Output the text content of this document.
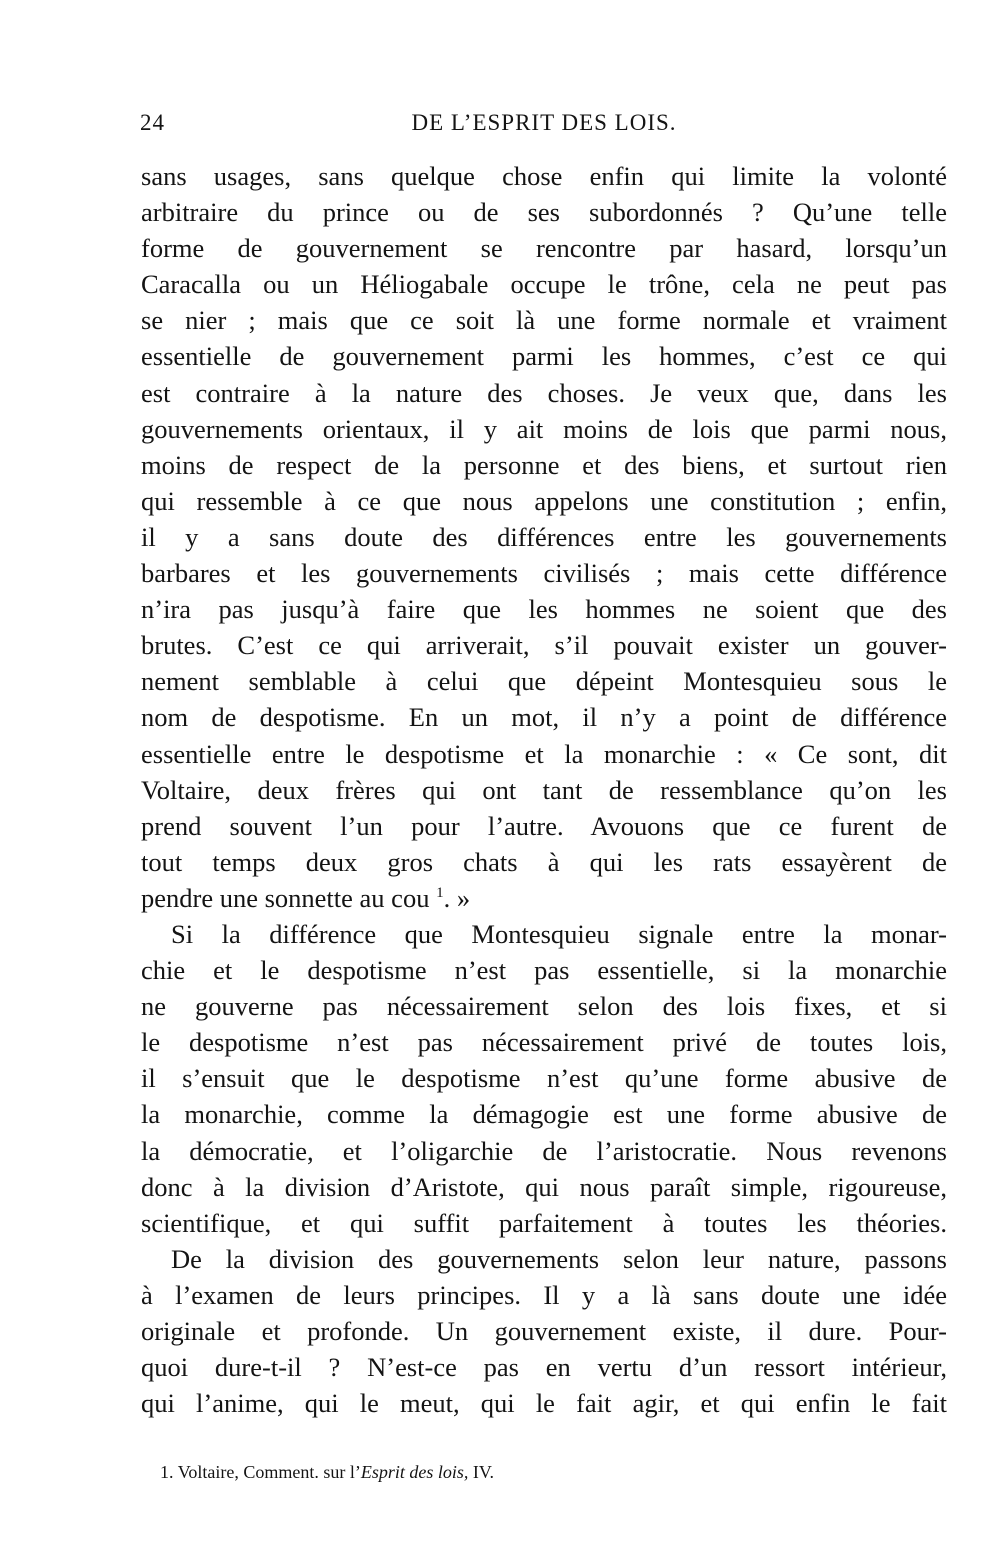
24	DE L’ESPRIT DES LOIS.
sans usages, sans quelque chose enfin qui limite la volonté
arbitraire du prince ou de ses subordonnés ? Qu’une telle
forme de gouvernement se rencontre par hasard, lorsqu’un
Caracalla ou un Héliogabale occupe le trône, cela ne peut pas
se nier ; mais que ce soit là une forme normale et vraiment
essentielle de gouvernement parmi les hommes, c’est ce qui
est contraire à la nature des choses. Je veux que, dans les
gouvernements orientaux, il y ait moins de lois que parmi nous,
moins de respect de la personne et des biens, et surtout rien
qui ressemble à ce que nous appelons une constitution ; enfin,
il y a sans doute des différences entre les gouvernements
barbares et les gouvernements civilisés ; mais cette différence
n’ira pas jusqu’à faire que les hommes ne soient que des
brutes. C’est ce qui arriverait, s’il pouvait exister un gouver-
nement semblable à celui que dépeint Montesquieu sous le
nom de despotisme. En un mot, il n’y a point de différence
essentielle entre le despotisme et la monarchie : « Ce sont, dit
Voltaire, deux frères qui ont tant de ressemblance qu’on les
prend souvent l’un pour l’autre. Avouons que ce furent de
tout temps deux gros chats à qui les rats essayèrent de
pendre une sonnette au cou $^1$. »
Si la différence que Montesquieu signale entre la monar-
chie et le despotisme n’est pas essentielle, si la monarchie
ne gouverne pas nécessairement selon des lois fixes, et si
le despotisme n’est pas nécessairement privé de toutes lois,
il s’ensuit que le despotisme n’est qu’une forme abusive de
la monarchie, comme la démagogie est une forme abusive de
la démocratie, et l’oligarchie de l’aristocratie. Nous revenons
donc à la division d’Aristote, qui nous paraît simple, rigoureuse,
scientifique, et qui suffit parfaitement à toutes les théories.
De la division des gouvernements selon leur nature, passons
à l’examen de leurs principes. Il y a là sans doute une idée
originale et profonde. Un gouvernement existe, il dure. Pour-
quoi dure-t-il ? N’est-ce pas en vertu d’un ressort intérieur,
qui l’anime, qui le meut, qui le fait agir, et qui enfin le fait
1. Voltaire, Comment. sur l’Esprit des lois, IV.
